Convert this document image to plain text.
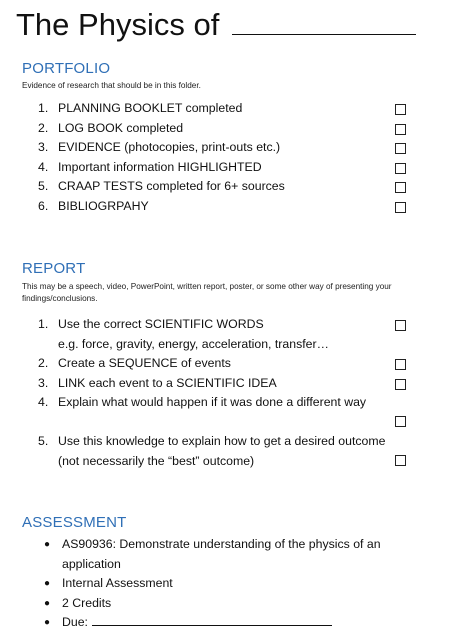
The Physics of
PORTFOLIO
Evidence of research that should be in this folder.
1. PLANNING BOOKLET completed
2. LOG BOOK completed
3. EVIDENCE (photocopies, print-outs etc.)
4. Important information HIGHLIGHTED
5. CRAAP TESTS completed for 6+ sources
6. BIBLIOGRPAHY
REPORT
This may be a speech, video, PowerPoint, written report, poster, or some other way of presenting your findings/conclusions.
1. Use the correct SCIENTIFIC WORDS
e.g. force, gravity, energy, acceleration, transfer…
2. Create a SEQUENCE of events
3. LINK each event to a SCIENTIFIC IDEA
4. Explain what would happen if it was done a different way
5. Use this knowledge to explain how to get a desired outcome
(not necessarily the “best” outcome)
ASSESSMENT
● AS90936: Demonstrate understanding of the physics of an
application
● Internal Assessment
● 2 Credits
● Due:
